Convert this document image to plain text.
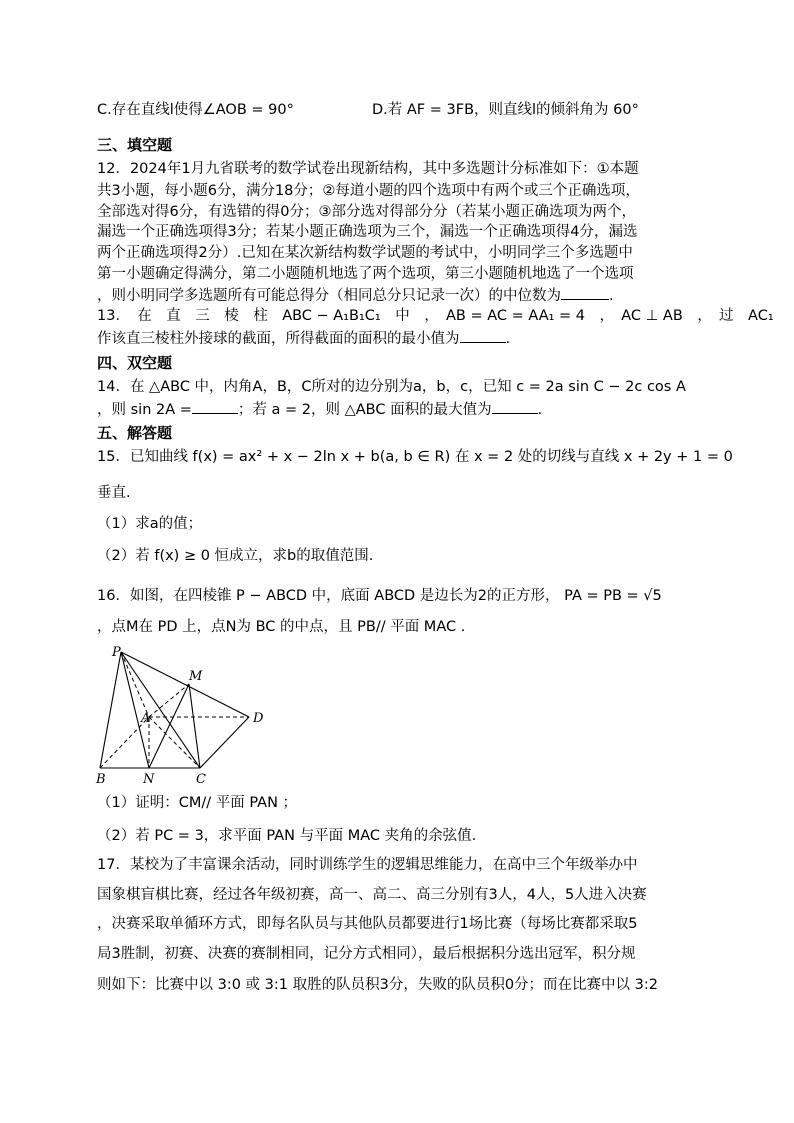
C.存在直线l使得∠AOB = 90°	D.若 AF = 3FB，则直线l的倾斜角为 60°
三、填空题
12．2024年1月九省联考的数学试卷出现新结构，其中多选题计分标准如下：①本题
共3小题，每小题6分，满分18分；②每道小题的四个选项中有两个或三个正确选项，
全部选对得6分，有选错的得0分；③部分选对得部分分（若某小题正确选项为两个，
漏选一个正确选项得3分；若某小题正确选项为三个，漏选一个正确选项得4分，漏选
两个正确选项得2分）.已知在某次新结构数学试题的考试中，小明同学三个多选题中
第一小题确定得满分，第二小题随机地选了两个选项，第三小题随机地选了一个选项
，则小明同学多选题所有可能总得分（相同总分只记录一次）的中位数为	.
13．　在　直　三　棱　柱　ABC − A₁B₁C₁　中　，　AB = AC = AA₁ = 4　，　AC ⊥ AB　，　过　AC₁
作该直三棱柱外接球的截面，所得截面的面积的最小值为	.
四、双空题
14．在 △ABC 中，内角A，B，C所对的边分别为a，b，c，已知 c = 2a sin C − 2c cos A
，则 sin 2A =	；若 a = 2，则 △ABC 面积的最大值为	.
五、解答题
15．已知曲线 f(x) = ax² + x − 2ln x + b(a, b ∈ R) 在 x = 2 处的切线与直线 x + 2y + 1 = 0
垂直.
（1）求a的值；
（2）若 f(x) ≥ 0 恒成立，求b的取值范围.
16．如图，在四棱锥 P − ABCD 中，底面 ABCD 是边长为2的正方形， PA = PB = √5
，点M在 PD 上，点N为 BC 的中点，且 PB// 平面 MAC .
P
M
A	D
B	N	C
（1）证明：CM// 平面 PAN ；
（2）若 PC = 3，求平面 PAN 与平面 MAC 夹角的余弦值.
17．某校为了丰富课余活动，同时训练学生的逻辑思维能力，在高中三个年级举办中
国象棋盲棋比赛，经过各年级初赛，高一、高二、高三分别有3人，4人，5人进入决赛
，决赛采取单循环方式，即每名队员与其他队员都要进行1场比赛（每场比赛都采取5
局3胜制，初赛、决赛的赛制相同，记分方式相同），最后根据积分选出冠军，积分规
则如下：比赛中以 3:0 或 3:1 取胜的队员积3分，失败的队员积0分；而在比赛中以 3:2
